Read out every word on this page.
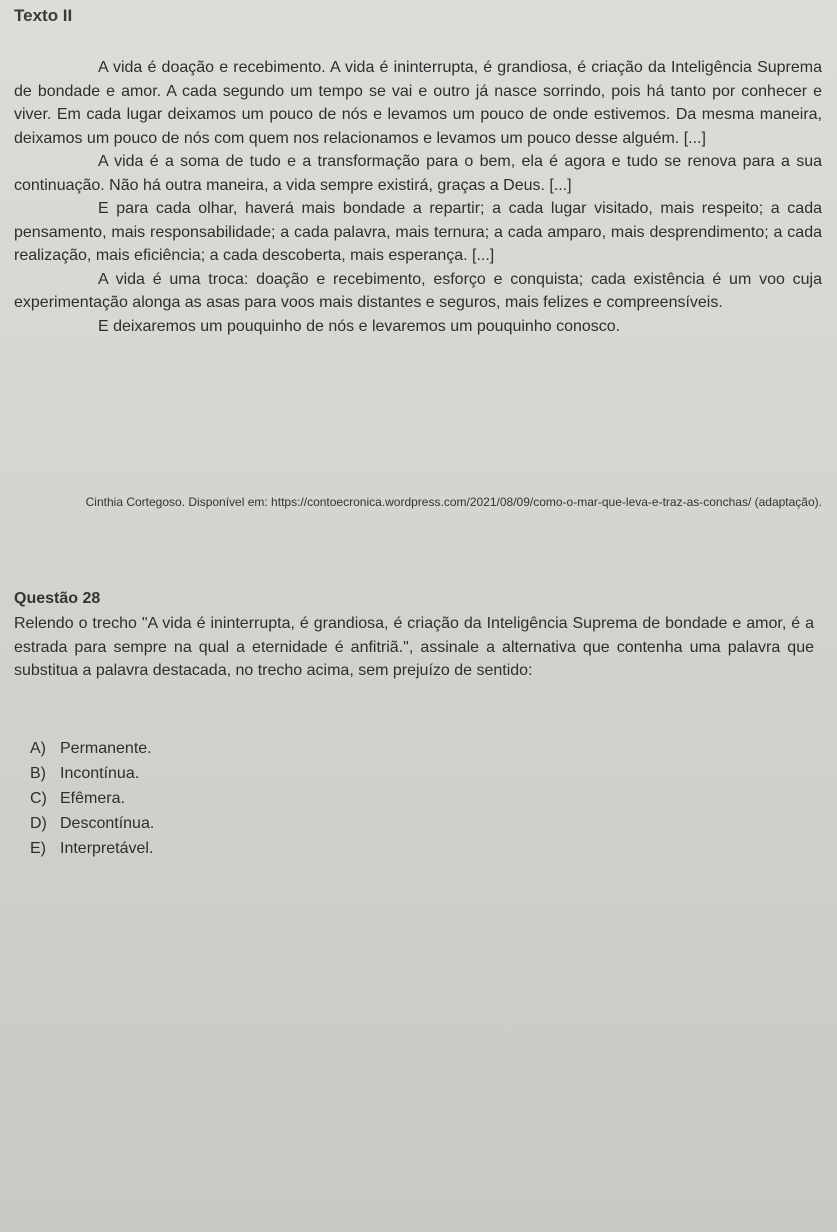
Texto II

A vida é doação e recebimento. A vida é ininterrupta, é grandiosa, é criação da Inteligência Suprema de bondade e amor. A cada segundo um tempo se vai e outro já nasce sorrindo, pois há tanto por conhecer e viver. Em cada lugar deixamos um pouco de nós e levamos um pouco de onde estivemos. Da mesma maneira, deixamos um pouco de nós com quem nos relacionamos e levamos um pouco desse alguém. [...]

A vida é a soma de tudo e a transformação para o bem, ela é agora e tudo se renova para a sua continuação. Não há outra maneira, a vida sempre existirá, graças a Deus. [...]

E para cada olhar, haverá mais bondade a repartir; a cada lugar visitado, mais respeito; a cada pensamento, mais responsabilidade; a cada palavra, mais ternura; a cada amparo, mais desprendimento; a cada realização, mais eficiência; a cada descoberta, mais esperança. [...]

A vida é uma troca: doação e recebimento, esforço e conquista; cada existência é um voo cuja experimentação alonga as asas para voos mais distantes e seguros, mais felizes e compreensíveis.

E deixaremos um pouquinho de nós e levaremos um pouquinho conosco.

Cinthia Cortegoso. Disponível em: https://contoecronica.wordpress.com/2021/08/09/como-o-mar-que-leva-e-traz-as-conchas/ (adaptação).
Questão 28
Relendo o trecho "A vida é ininterrupta, é grandiosa, é criação da Inteligência Suprema de bondade e amor, é a estrada para sempre na qual a eternidade é anfitriã.", assinale a alternativa que contenha uma palavra que substitua a palavra destacada, no trecho acima, sem prejuízo de sentido:
A) Permanente.
B) Incontínua.
C) Efêmera.
D) Descontínua.
E) Interpretável.
